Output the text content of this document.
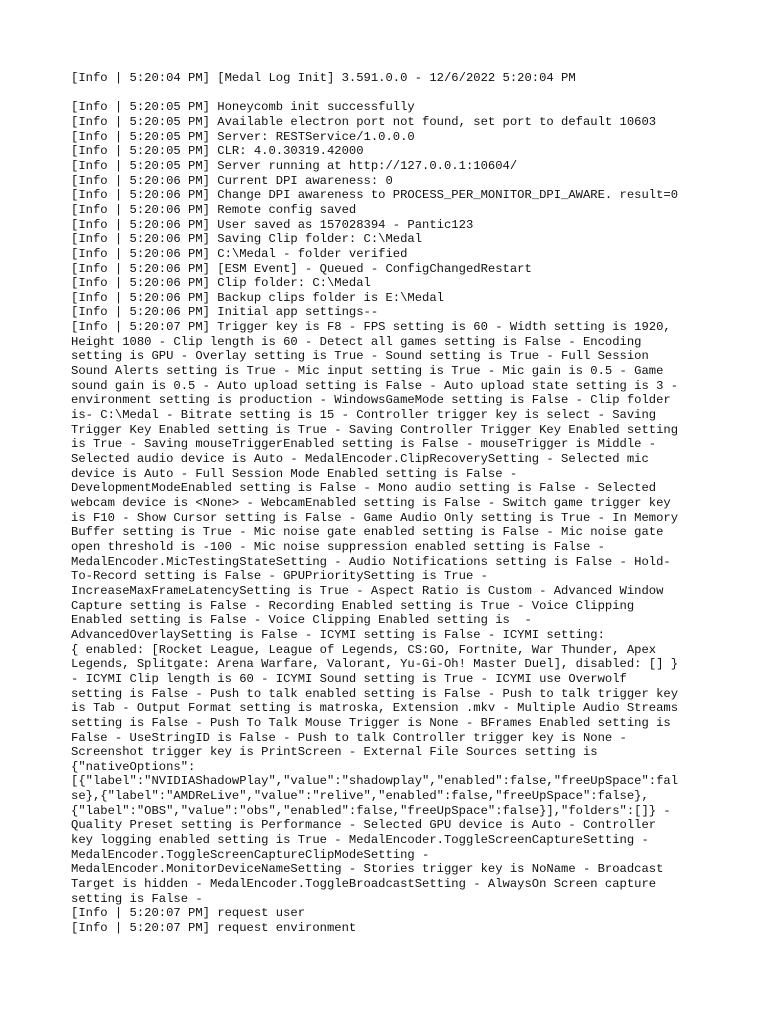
[Info | 5:20:04 PM] [Medal Log Init] 3.591.0.0 - 12/6/2022 5:20:04 PM
[Info | 5:20:05 PM] Honeycomb init successfully
[Info | 5:20:05 PM] Available electron port not found, set port to default 10603
[Info | 5:20:05 PM] Server: RESTService/1.0.0.0
[Info | 5:20:05 PM] CLR: 4.0.30319.42000
[Info | 5:20:05 PM] Server running at http://127.0.0.1:10604/
[Info | 5:20:06 PM] Current DPI awareness: 0
[Info | 5:20:06 PM] Change DPI awareness to PROCESS_PER_MONITOR_DPI_AWARE. result=0
[Info | 5:20:06 PM] Remote config saved
[Info | 5:20:06 PM] User saved as 157028394 - Pantic123
[Info | 5:20:06 PM] Saving Clip folder: C:\Medal
[Info | 5:20:06 PM] C:\Medal - folder verified
[Info | 5:20:06 PM] [ESM Event] - Queued - ConfigChangedRestart
[Info | 5:20:06 PM] Clip folder: C:\Medal
[Info | 5:20:06 PM] Backup clips folder is E:\Medal
[Info | 5:20:06 PM] Initial app settings--
[Info | 5:20:07 PM] Trigger key is F8 - FPS setting is 60 - Width setting is 1920,
Height 1080 - Clip length is 60 - Detect all games setting is False - Encoding
setting is GPU - Overlay setting is True - Sound setting is True - Full Session
Sound Alerts setting is True - Mic input setting is True - Mic gain is 0.5 - Game
sound gain is 0.5 - Auto upload setting is False - Auto upload state setting is 3 -
environment setting is production - WindowsGameMode setting is False - Clip folder
is- C:\Medal - Bitrate setting is 15 - Controller trigger key is select - Saving
Trigger Key Enabled setting is True - Saving Controller Trigger Key Enabled setting
is True - Saving mouseTriggerEnabled setting is False - mouseTrigger is Middle -
Selected audio device is Auto - MedalEncoder.ClipRecoverySetting - Selected mic
device is Auto - Full Session Mode Enabled setting is False -
DevelopmentModeEnabled setting is False - Mono audio setting is False - Selected
webcam device is <None> - WebcamEnabled setting is False - Switch game trigger key
is F10 - Show Cursor setting is False - Game Audio Only setting is True - In Memory
Buffer setting is True - Mic noise gate enabled setting is False - Mic noise gate
open threshold is -100 - Mic noise suppression enabled setting is False -
MedalEncoder.MicTestingStateSetting - Audio Notifications setting is False - Hold-
To-Record setting is False - GPUPrioritySetting is True -
IncreaseMaxFrameLatencySetting is True - Aspect Ratio is Custom - Advanced Window
Capture setting is False - Recording Enabled setting is True - Voice Clipping
Enabled setting is False - Voice Clipping Enabled setting is  -
AdvancedOverlaySetting is False - ICYMI setting is False - ICYMI setting:
{ enabled: [Rocket League, League of Legends, CS:GO, Fortnite, War Thunder, Apex
Legends, Splitgate: Arena Warfare, Valorant, Yu-Gi-Oh! Master Duel], disabled: [] }
- ICYMI Clip length is 60 - ICYMI Sound setting is True - ICYMI use Overwolf
setting is False - Push to talk enabled setting is False - Push to talk trigger key
is Tab - Output Format setting is matroska, Extension .mkv - Multiple Audio Streams
setting is False - Push To Talk Mouse Trigger is None - BFrames Enabled setting is
False - UseStringID is False - Push to talk Controller trigger key is None -
Screenshot trigger key is PrintScreen - External File Sources setting is
{"nativeOptions":
[{"label":"NVIDIAShadowPlay","value":"shadowplay","enabled":false,"freeUpSpace":fal
se},{"label":"AMDReLive","value":"relive","enabled":false,"freeUpSpace":false},
{"label":"OBS","value":"obs","enabled":false,"freeUpSpace":false}],"folders":[]} -
Quality Preset setting is Performance - Selected GPU device is Auto - Controller
key logging enabled setting is True - MedalEncoder.ToggleScreenCaptureSetting -
MedalEncoder.ToggleScreenCaptureClipModeSetting -
MedalEncoder.MonitorDeviceNameSetting - Stories trigger key is NoName - Broadcast
Target is hidden - MedalEncoder.ToggleBroadcastSetting - AlwaysOn Screen capture
setting is False -
[Info | 5:20:07 PM] request user
[Info | 5:20:07 PM] request environment
